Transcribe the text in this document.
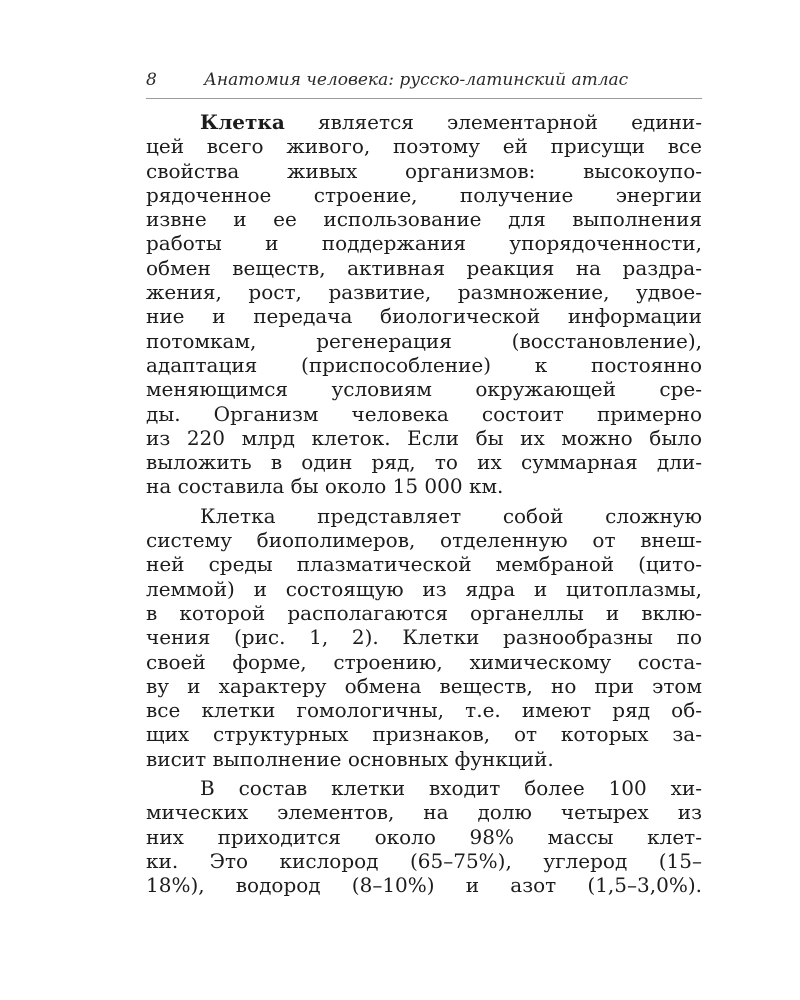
8	Анатомия человека: русско-латинский атлас
Клетка является элементарной едини-
цей всего живого, поэтому ей присущи все
свойства живых организмов: высокоупо-
рядоченное строение, получение энергии
извне и ее использование для выполнения
работы и поддержания упорядоченности,
обмен веществ, активная реакция на раздра-
жения, рост, развитие, размножение, удвое-
ние и передача биологической информации
потомкам, регенерация (восстановление),
адаптация (приспособление) к постоянно
меняющимся условиям окружающей сре-
ды. Организм человека состоит примерно
из 220 млрд клеток. Если бы их можно было
выложить в один ряд, то их суммарная дли-
на составила бы около 15 000 км.
Клетка представляет собой сложную
систему биополимеров, отделенную от внеш-
ней среды плазматической мембраной (цито-
леммой) и состоящую из ядра и цитоплазмы,
в которой располагаются органеллы и вклю-
чения (рис. 1, 2). Клетки разнообразны по
своей форме, строению, химическому соста-
ву и характеру обмена веществ, но при этом
все клетки гомологичны, т.е. имеют ряд об-
щих структурных признаков, от которых за-
висит выполнение основных функций.
В состав клетки входит более 100 хи-
мических элементов, на долю четырех из
них приходится около 98% массы клет-
ки. Это кислород (65–75%), углерод (15–
18%), водород (8–10%) и азот (1,5–3,0%).
